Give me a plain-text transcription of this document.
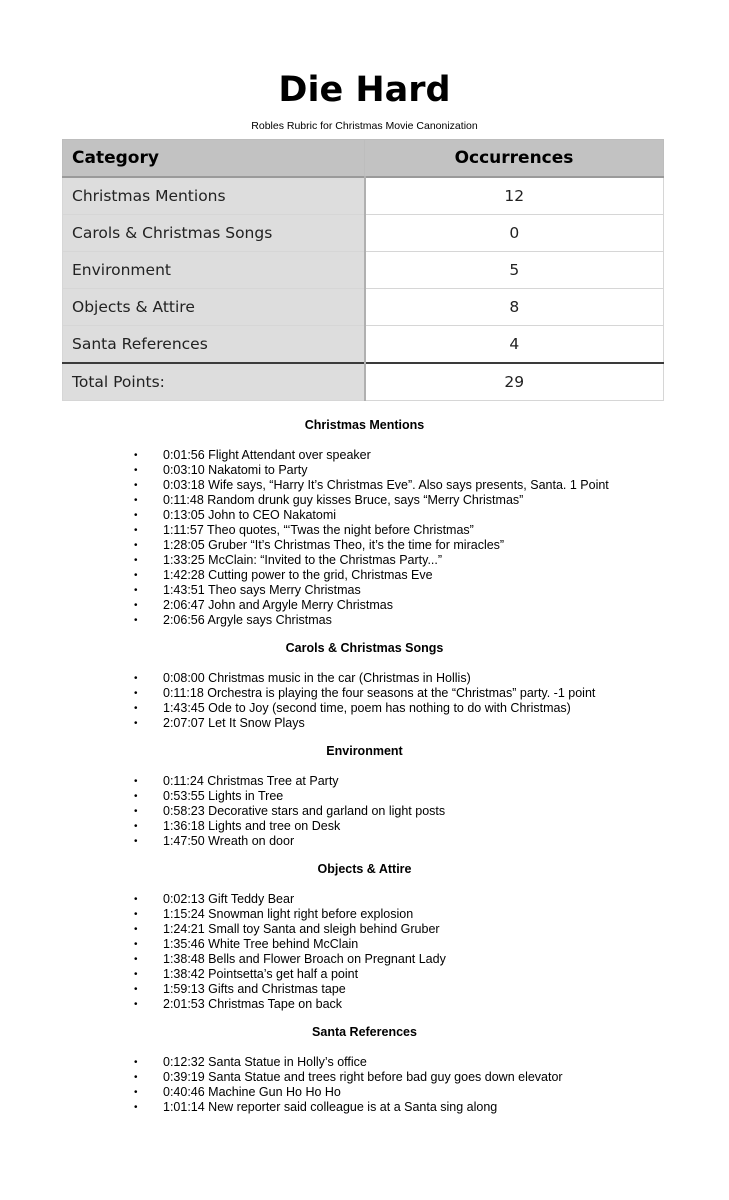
Die Hard
Robles Rubric for Christmas Movie Canonization
Category	Occurrences
Christmas Mentions	12
Carols & Christmas Songs	0
Environment	5
Objects & Attire	8
Santa References	4
Total Points:	29
Christmas Mentions
• 0:01:56 Flight Attendant over speaker
• 0:03:10 Nakatomi to Party
• 0:03:18 Wife says, “Harry It’s Christmas Eve”. Also says presents, Santa. 1 Point
• 0:11:48 Random drunk guy kisses Bruce, says “Merry Christmas”
• 0:13:05 John to CEO Nakatomi
• 1:11:57 Theo quotes, “‘Twas the night before Christmas”
• 1:28:05 Gruber “It’s Christmas Theo, it’s the time for miracles”
• 1:33:25 McClain: “Invited to the Christmas Party...”
• 1:42:28 Cutting power to the grid, Christmas Eve
• 1:43:51 Theo says Merry Christmas
• 2:06:47 John and Argyle Merry Christmas
• 2:06:56 Argyle says Christmas
Carols & Christmas Songs
• 0:08:00 Christmas music in the car (Christmas in Hollis)
• 0:11:18 Orchestra is playing the four seasons at the “Christmas” party. -1 point
• 1:43:45 Ode to Joy (second time, poem has nothing to do with Christmas)
• 2:07:07 Let It Snow Plays
Environment
• 0:11:24 Christmas Tree at Party
• 0:53:55 Lights in Tree
• 0:58:23 Decorative stars and garland on light posts
• 1:36:18 Lights and tree on Desk
• 1:47:50 Wreath on door
Objects & Attire
• 0:02:13 Gift Teddy Bear
• 1:15:24 Snowman light right before explosion
• 1:24:21 Small toy Santa and sleigh behind Gruber
• 1:35:46 White Tree behind McClain
• 1:38:48 Bells and Flower Broach on Pregnant Lady
• 1:38:42 Pointsetta’s get half a point
• 1:59:13 Gifts and Christmas tape
• 2:01:53 Christmas Tape on back
Santa References
• 0:12:32 Santa Statue in Holly’s office
• 0:39:19 Santa Statue and trees right before bad guy goes down elevator
• 0:40:46 Machine Gun Ho Ho Ho
• 1:01:14 New reporter said colleague is at a Santa sing along
